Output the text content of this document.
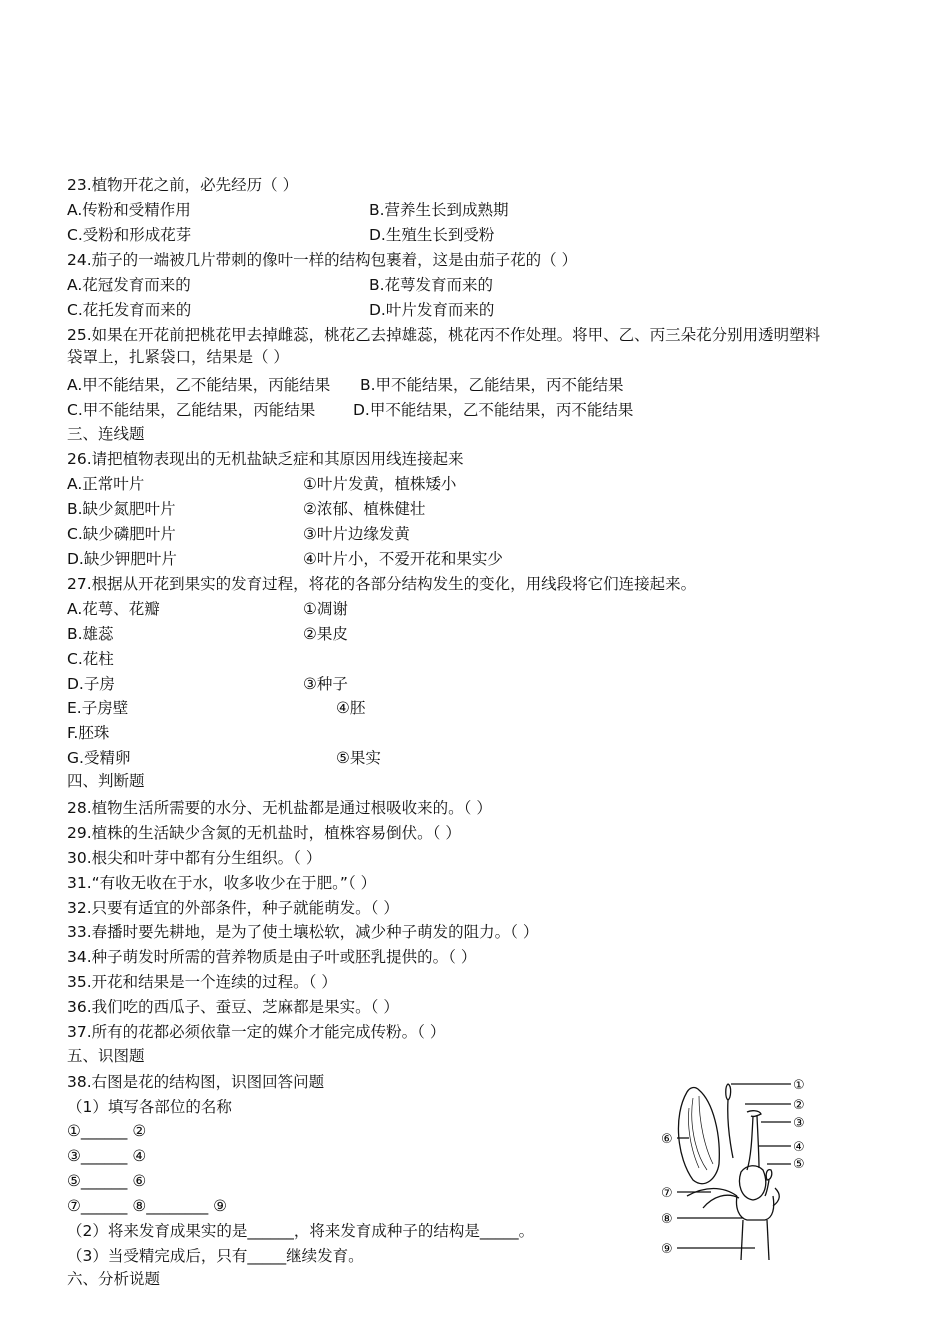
23.植物开花之前，必先经历（ ）
A.传粉和受精作用	B.营养生长到成熟期
C.受粉和形成花芽	D.生殖生长到受粉
24.茄子的一端被几片带刺的像叶一样的结构包裹着，这是由茄子花的（ ）
A.花冠发育而来的	B.花萼发育而来的
C.花托发育而来的	D.叶片发育而来的
25.如果在开花前把桃花甲去掉雌蕊，桃花乙去掉雄蕊，桃花丙不作处理。将甲、乙、丙三朵花分别用透明塑料
袋罩上，扎紧袋口，结果是（ ）
A.甲不能结果，乙不能结果，丙能结果 B.甲不能结果，乙能结果，丙不能结果
C.甲不能结果，乙能结果，丙能结果 D.甲不能结果，乙不能结果，丙不能结果
三、连线题
26.请把植物表现出的无机盐缺乏症和其原因用线连接起来
A.正常叶片	①叶片发黄，植株矮小
B.缺少氮肥叶片	②浓郁、植株健壮
C.缺少磷肥叶片	③叶片边缘发黄
D.缺少钾肥叶片	④叶片小，不爱开花和果实少
27.根据从开花到果实的发育过程，将花的各部分结构发生的变化，用线段将它们连接起来。
A.花萼、花瓣	①凋谢
B.雄蕊	②果皮
C.花柱
D.子房	③种子
E.子房壁	④胚
F.胚珠
G.受精卵	⑤果实
四、判断题
28.植物生活所需要的水分、无机盐都是通过根吸收来的。（ ）
29.植株的生活缺少含氮的无机盐时，植株容易倒伏。（ ）
30.根尖和叶芽中都有分生组织。（ ）
31.“有收无收在于水，收多收少在于肥。”（ ）
32.只要有适宜的外部条件，种子就能萌发。（ ）
33.春播时要先耕地，是为了使土壤松软，减少种子萌发的阻力。（ ）
34.种子萌发时所需的营养物质是由子叶或胚乳提供的。（ ）
35.开花和结果是一个连续的过程。（ ）
36.我们吃的西瓜子、蚕豆、芝麻都是果实。（ ）
37.所有的花都必须依靠一定的媒介才能完成传粉。（ ）
五、识图题
38.右图是花的结构图，识图回答问题
（1）填写各部位的名称
①______ ②
③______ ④
⑤______ ⑥
⑦______ ⑧________ ⑨
（2）将来发育成果实的是______，将来发育成种子的结构是_____。
（3）当受精完成后，只有_____继续发育。
六、分析说题
①
②
③
④
⑤
⑥
⑦
⑧
⑨
